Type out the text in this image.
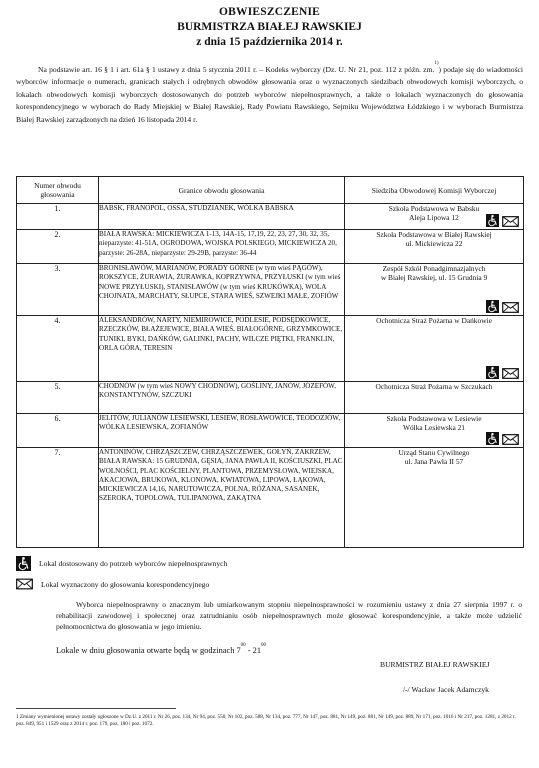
OBWIESZCZENIE
BURMISTRZA BIAŁEJ RAWSKIEJ
z dnia 15 października 2014 r.
Na podstawie art. 16 § 1 i art. 61a § 1 ustawy z dnia 5 stycznia 2011 r. – Kodeks wyborczy (Dz. U. Nr 21, poz. 112 z późn. zm.$^{1)}$) podaje się do wiadomości wyborców informacje o numerach, granicach stałych i odrębnych obwodów głosowania oraz o wyznaczonych siedzibach obwodowych komisji wyborczych, o lokalach obwodowych komisji wyborczych dostosowanych do potrzeb wyborców niepełnosprawnych, a także o lokalach wyznaczonych do głosowania korespondencyjnego w wyborach do Rady Miejskiej w Białej Rawskiej, Rady Powiatu Rawskiego, Sejmiku Województwa Łódzkiego i w wyborach Burmistrza Białej Rawskiej zarządzonych na dzień 16 listopada 2014 r.
Numer obwodu głosowania	Granice obwodu głosowania	Siedziba Obwodowej Komisji Wyborczej
1.	BABSK, FRANOPOL, OSSA, STUDZIANEK, WÓLKA BABSKA	Szkoła Podstawowa w Babsku
Aleja Lipowa 12

2.	BIAŁA RAWSKA: MICKIEWICZA 1-13, 14A-15, 17,19, 22, 23, 27, 30, 32, 35, nieparzyste: 41-51A, OGRODOWA, WOJSKA POLSKIEGO, MICKIEWICZA 20, parzyste: 26-28A, nieparzyste: 29-29B, parzyste: 36-44	Szkoła Podstawowa w Białej Rawskiej
ul. Mickiewicza 22

3.	BRONISŁAWÓW, MARIANÓW, PORADY GÓRNE (w tym wieś PĄGÓW), ROKSZYCE, ŻURAWIA, ŻURAWKA, KOPRZYWNA, PRZYŁUSKI (w tym wieś NOWE PRZYŁUSKI), STANISŁAWÓW (w tym wieś KRUKÓWKA), WOLA CHOJNATA, MARCHATY, SŁUPCE, STARA WIEŚ, SZWEJKI MAŁE, ZOFIÓW	Zespół Szkół Ponadgimnazjalnych
w Białej Rawskiej, ul. 15 Grudnia 9

4.	ALEKSANDRÓW, NARTY, NIEMIROWICE, PODLESIE, PODSĘDKOWICE, RZECZKÓW, BŁAŻEJEWICE, BIAŁA WIEŚ, BIAŁOGÓRNE, GRZYMKOWICE, TUNIKI, BYKI, DAŃKÓW, GALINKI, PACHY, WILCZE PIĘTKI, FRANKLIN, ORLA GÓRA, TERESIN	Ochotnicza Straż Pożarna w Dańkowie

5.	CHODNÓW (w tym wieś NOWY CHODNÓW), GOŚLINY, JANÓW, JÓZEFÓW, KONSTANTYNÓW, SZCZUKI	Ochotnicza Straż Pożarna w Szczukach

6.	JELITÓW, JULIANÓW LESIEWSKI, LESIEW, ROSŁAWOWICE, TEODOZJÓW, WÓLKA LESIEWSKA, ZOFIANÓW	Szkoła Podstawowa w Lesiewie
Wólka Lesiewska 21

7.	ANTONINÓW, CHRZĄSZCZEW, CHRZĄSZCZEWEK, GOŁYŃ, ZAKRZEW, BIAŁA RAWSKA: 15 GRUDNIA, GĘSIA, JANA PAWŁA II, KOŚCIUSZKI, PLAC WOLNOŚCI, PLAC KOŚCIELNY, PLANTOWA, PRZEMYSŁOWA, WIEJSKA, AKACJOWA, BRUKOWA, KLONOWA, KWIATOWA, LIPOWA, ŁĄKOWA, MICKIEWICZA 14,16, NARUTOWICZA, POLNA, RÓŻANA, SASANEK, SZEROKA, TOPOLOWA, TULIPANOWA, ZAKĄTNA	Urząd Stanu Cywilnego
ul. Jana Pawła II 57
Lokal dostosowany do potrzeb wyborców niepełnosprawnych
Lokal wyznaczony do głosowania korespondencyjnego
Wyborca niepełnosprawny o znacznym lub umiarkowanym stopniu niepełnosprawności w rozumieniu ustawy z dnia 27 sierpnia 1997 r. o rehabilitacji zawodowej i społecznej oraz zatrudnianiu osób niepełnosprawnych może głosować korespondencyjnie, a także może udzielić pełnomocnictwa do głosowania w jego imieniu.
Lokale w dniu głosowania otwarte będą w godzinach $7^{00} - 21^{00}$
BURMISTRZ BIAŁEJ RAWSKIEJ
/-/ Wacław Jacek Adamczyk
1 Zmiany wymienionej ustawy zostały ogłoszone w Dz.U. z 2011 r. Nr 26, poz. 134, Nr 94, poz. 550, Nr 102, poz. 588, Nr 134, poz. 777, Nr 147, poz. 881, Nr 149, poz. 881, Nr 149, poz. 889, Nr 171, poz. 1016 i Nr 217, poz. 1281, z 2012 r. poz. 849, 951 i 1529 oraz z 2014 r. poz. 179, poz. 180 i poz. 1072.
